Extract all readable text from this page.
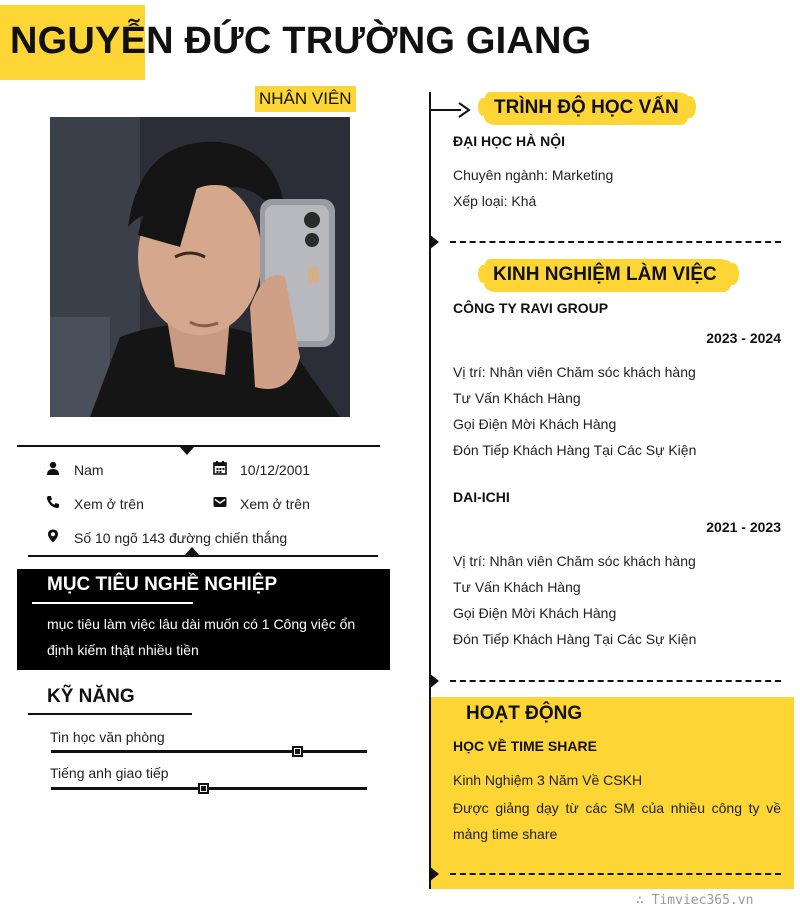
NGUYỄN ĐỨC TRƯỜNG GIANG
NHÂN VIÊN
Nam	10/12/2001
Xem ở trên	Xem ở trên
Số 10 ngõ 143 đường chiến thắng
MỤC TIÊU NGHỀ NGHIỆP
mục tiêu làm việc lâu dài muốn có 1 Công việc ổn định kiếm thật nhiều tiền
KỸ NĂNG
Tin học văn phòng
Tiếng anh giao tiếp
TRÌNH ĐỘ HỌC VẤN
ĐẠI HỌC HÀ NỘI
Chuyên ngành: Marketing
Xếp loại: Khá
KINH NGHIỆM LÀM VIỆC
CÔNG TY RAVI GROUP
2023 - 2024
Vị trí: Nhân viên Chăm sóc khách hàng
Tư Vấn Khách Hàng
Gọi Điện Mời Khách Hàng
Đón Tiếp Khách Hàng Tại Các Sự Kiện
DAI-ICHI
2021 - 2023
Vị trí: Nhân viên Chăm sóc khách hàng
Tư Vấn Khách Hàng
Gọi Điện Mời Khách Hàng
Đón Tiếp Khách Hàng Tại Các Sự Kiện
HOẠT ĐỘNG
HỌC VỀ TIME SHARE
Kinh Nghiệm 3 Năm Về CSKH
Được giảng dạy từ các SM của nhiều công ty về mảng time share
∴ Timviec365.vn
